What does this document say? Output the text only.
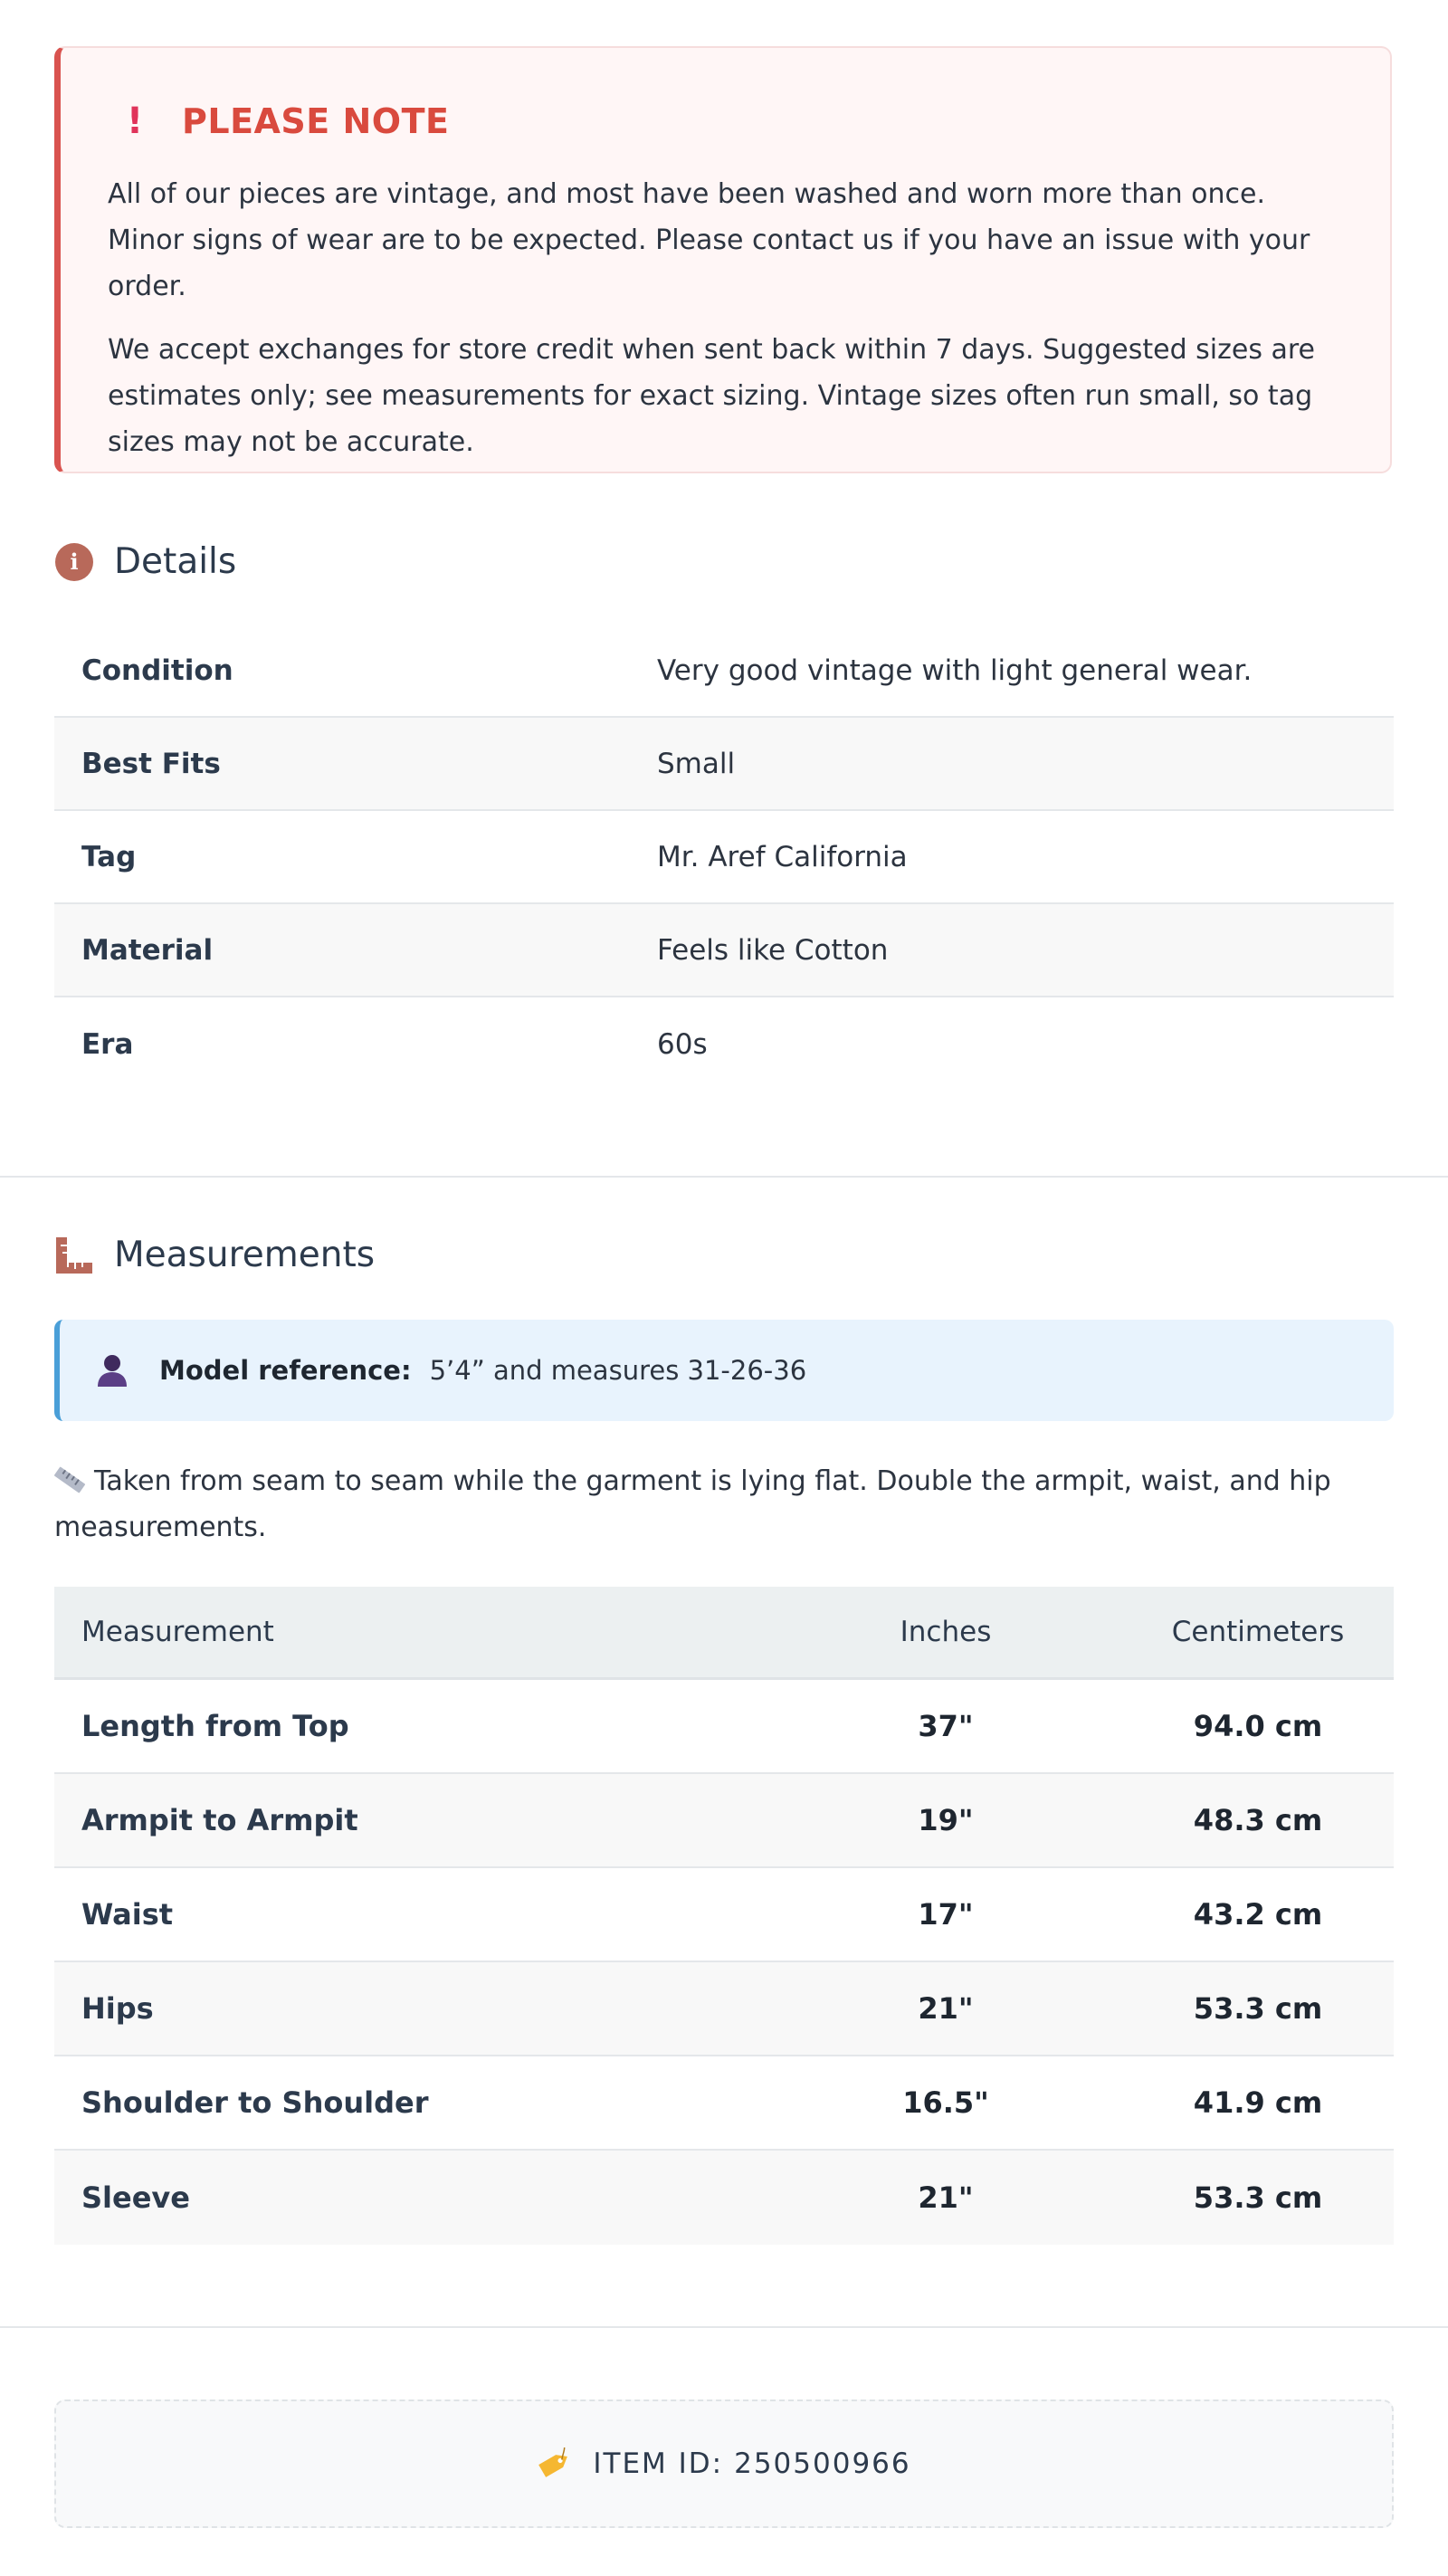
!	PLEASE NOTE

All of our pieces are vintage, and most have been washed and worn more than once. Minor signs of wear are to be expected. Please contact us if you have an issue with your order.

We accept exchanges for store credit when sent back within 7 days. Suggested sizes are estimates only; see measurements for exact sizing. Vintage sizes often run small, so tag sizes may not be accurate.

i	Details
Condition	Very good vintage with light general wear.
Best Fits	Small
Tag	Mr. Aref California
Material	Feels like Cotton
Era	60s
Measurements
Model reference: 5’4” and measures 31-26-36
Taken from seam to seam while the garment is lying flat. Double the armpit, waist, and hip measurements.
Measurement	Inches	Centimeters
Length from Top	37"	94.0 cm
Armpit to Armpit	19"	48.3 cm
Waist	17"	43.2 cm
Hips	21"	53.3 cm
Shoulder to Shoulder	16.5"	41.9 cm
Sleeve	21"	53.3 cm
ITEM ID: 250500966
